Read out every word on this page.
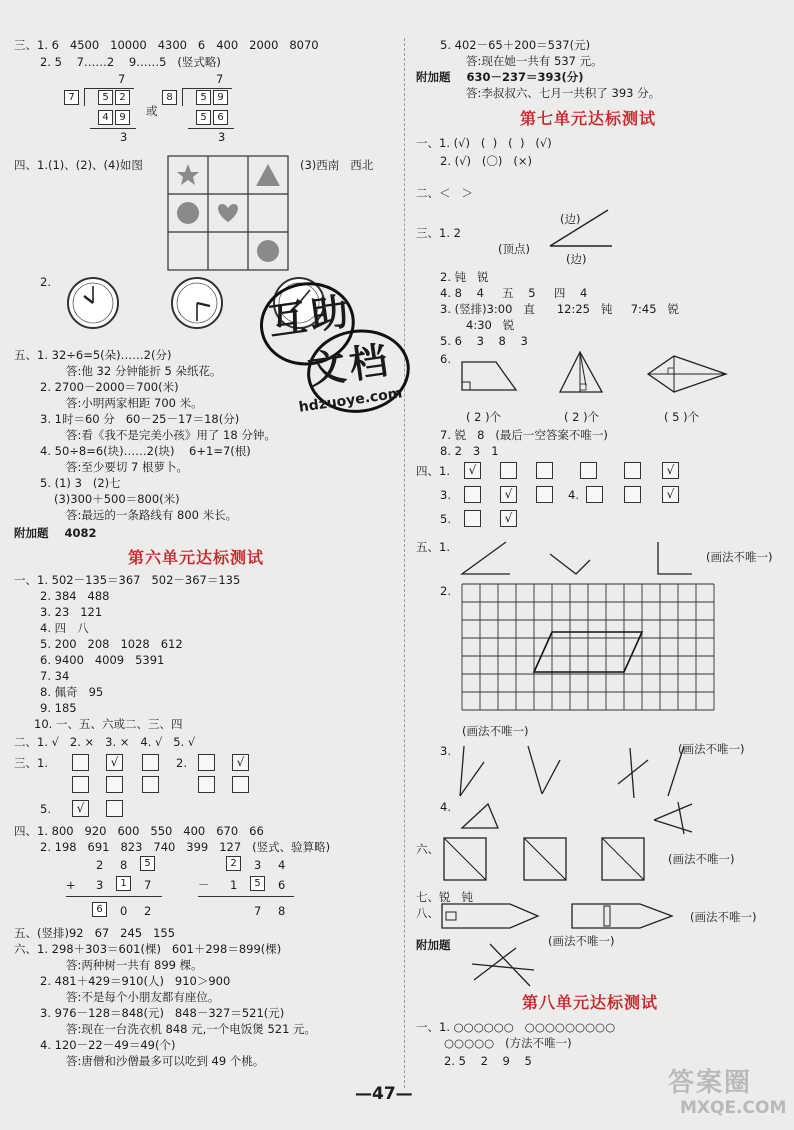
三、1. 6   4500   10000   4300   6   400   2000   8070
2. 5    7……2    9……5   (竖式略)
7
7	5 2
4 9
3
或
7
8	5 9
5 6
3
四、1.(1)、(2)、(4)如图	(3)西南   西北
2.
五、1. 32÷6=5(朵)……2(分)
答:他 32 分钟能折 5 朵纸花。
2. 2700－2000＝700(米)
答:小明两家相距 700 米。
3. 1时＝60 分   60－25－17＝18(分)
答:看《我不是完美小孩》用了 18 分钟。
4. 50÷8=6(块)……2(块)    6+1=7(根)
答:至少要切 7 根萝卜。
5. (1) 3   (2)七
(3)300＋500＝800(米)
答:最远的一条路线有 800 米长。
附加题    4082
第六单元达标测试
一、1. 502－135＝367   502－367＝135
2. 384   488
3. 23   121
4. 四   八
5. 200   208   1028   612
6. 9400   4009   5391
7. 34
8. 佩奇   95
9. 185
10. 一、五、六或二、三、四
二、1. √   2. ×   3. ×   4. √   5. √
三、1.	√	2.	√
5.	√
四、1. 800   920   600   550   400   670   66
2. 198   691   823   740   399   127   (竖式、验算略)
2 8	5
+ 3	1	7
6	0 2
2	3 4
－ 1	5	6
7 8
五、(竖排)92   67   245   155
六、1. 298＋303＝601(棵)   601＋298＝899(棵)
答:两种树一共有 899 棵。
2. 481＋429＝910(人)   910＞900
答:不是每个小朋友都有座位。
3. 976－128＝848(元)   848－327＝521(元)
答:现在一台洗衣机 848 元,一个电饭煲 521 元。
4. 120－22－49＝49(个)
答:唐僧和沙僧最多可以吃到 49 个桃。
5. 402－65＋200＝537(元)
答:现在她一共有 537 元。
附加题    630－237＝393(分)
答:李叔叔六、七月一共积了 393 分。
第七单元达标测试
一、1. (√)   (  )   (  )   (√)
2. (√)   (〇)   (×)
二、＜   ＞
三、1. 2
(边)
(顶点)
(边)
2. 钝   锐
4. 8    4     五    5     四    4
3. (竖排)3:00   直      12:25   钝     7:45   锐
4:30   锐
5. 6    3    8    3
6.
( 2 )个	( 2 )个	( 5 )个
7. 锐   8   (最后一空答案不唯一)
8. 2   3   1
四、1.	√	√
3.	√	4.	√
5.	√
五、1.
(画法不唯一)
2.
(画法不唯一)
3.	(画法不唯一)
4.
六、
(画法不唯一)
七、锐   钝
八、	(画法不唯一)
附加题	(画法不唯一)
第八单元达标测试
一、1. ○○○○○○   ○○○○○○○○○
○○○○○   (方法不唯一)
2. 5    2    9    5
—47—
互助
文档
hdzuoye.com
答案圈
MXQE.COM
